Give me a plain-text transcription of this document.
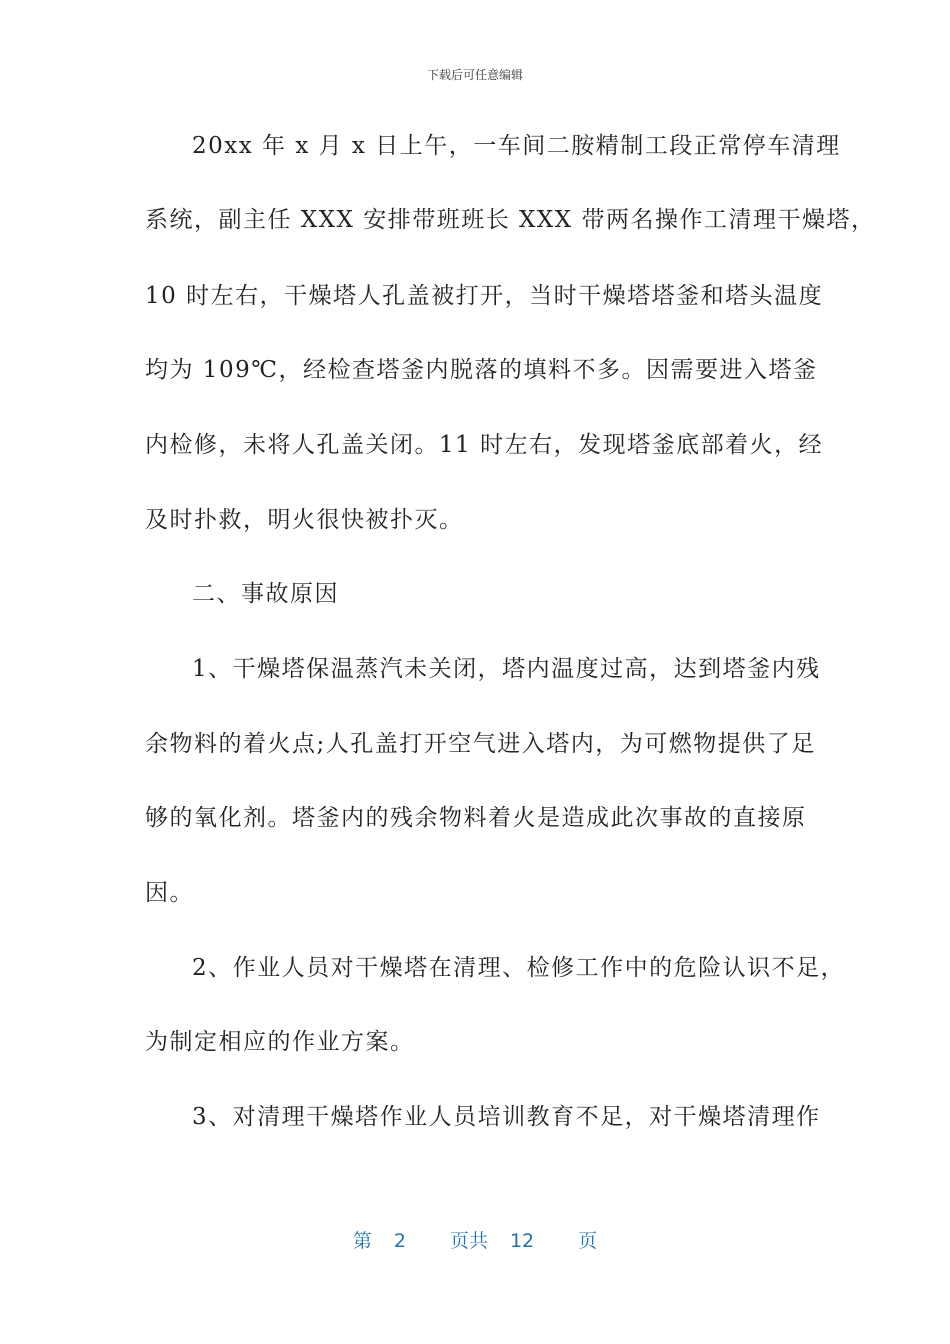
下载后可任意编辑
20xx 年 x 月 x 日上午，一车间二胺精制工段正常停车清理
系统，副主任 XXX 安排带班班长 XXX 带两名操作工清理干燥塔，
10 时左右，干燥塔人孔盖被打开，当时干燥塔塔釜和塔头温度
均为 109℃，经检查塔釜内脱落的填料不多。因需要进入塔釜
内检修，未将人孔盖关闭。11 时左右，发现塔釜底部着火，经
及时扑救，明火很快被扑灭。
二、事故原因
1、干燥塔保温蒸汽未关闭，塔内温度过高，达到塔釜内残
余物料的着火点;人孔盖打开空气进入塔内，为可燃物提供了足
够的氧化剂。塔釜内的残余物料着火是造成此次事故的直接原
因。
2、作业人员对干燥塔在清理、检修工作中的危险认识不足，
为制定相应的作业方案。
3、对清理干燥塔作业人员培训教育不足，对干燥塔清理作
第 2 页共 12 页
